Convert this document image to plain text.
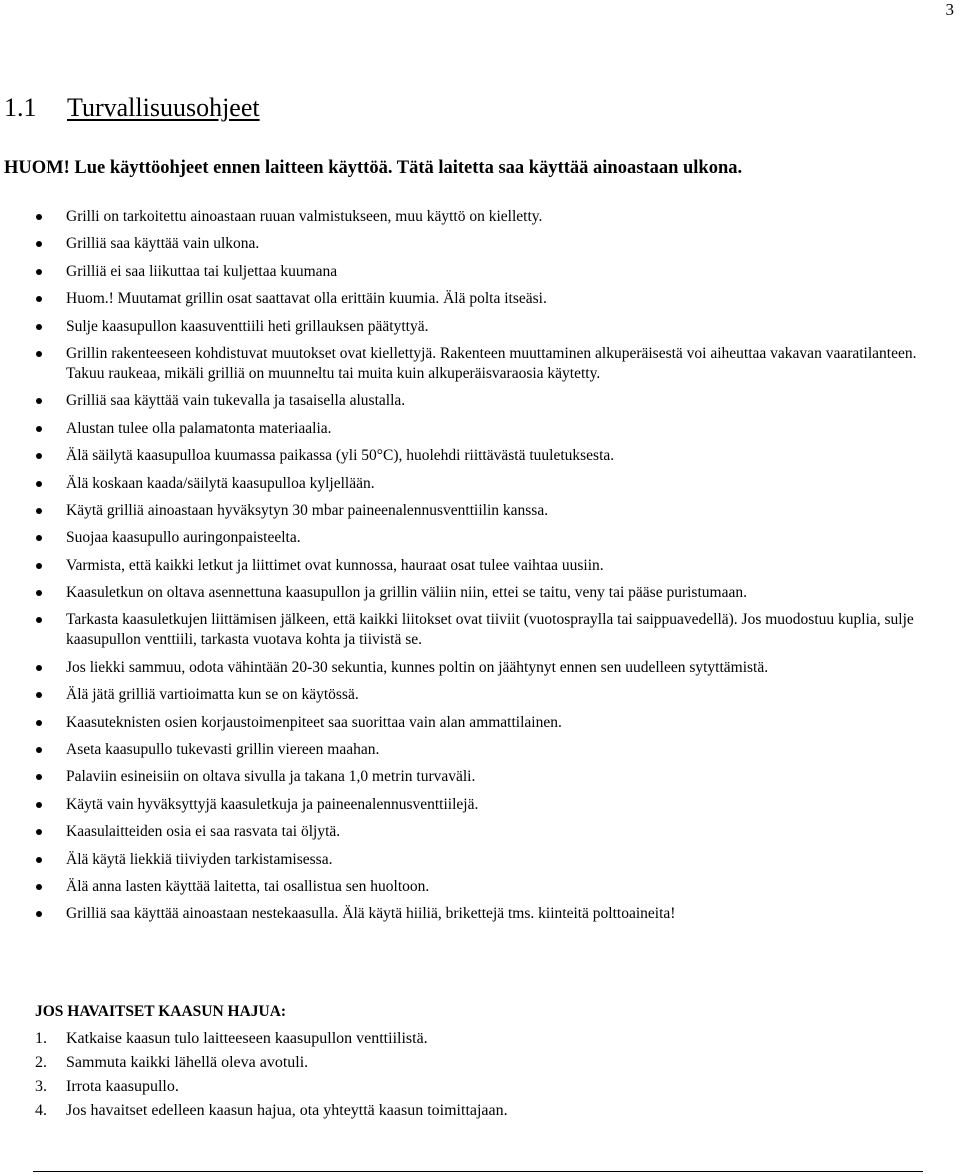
3
1.1 Turvallisuusohjeet
HUOM! Lue käyttöohjeet ennen laitteen käyttöä. Tätä laitetta saa käyttää ainoastaan ulkona.
Grilli on tarkoitettu ainoastaan ruuan valmistukseen, muu käyttö on kielletty.
Grilliä saa käyttää vain ulkona.
Grilliä ei saa liikuttaa tai kuljettaa kuumana
Huom.! Muutamat grillin osat saattavat olla erittäin kuumia. Älä polta itseäsi.
Sulje kaasupullon kaasuventtiili heti grillauksen päätyttyä.
Grillin rakenteeseen kohdistuvat muutokset ovat kiellettyjä. Rakenteen muuttaminen alkuperäisestä voi aiheuttaa vakavan vaaratilanteen. Takuu raukeaa, mikäli grilliä on muunneltu tai muita kuin alkuperäisvaraosia käytetty.
Grilliä saa käyttää vain tukevalla ja tasaisella alustalla.
Alustan tulee olla palamatonta materiaalia.
Älä säilytä kaasupulloa kuumassa paikassa (yli 50°C), huolehdi riittävästä tuuletuksesta.
Älä koskaan kaada/säilytä kaasupulloa kyljellään.
Käytä grilliä ainoastaan hyväksytyn 30 mbar paineenalennusventtiilin kanssa.
Suojaa kaasupullo auringonpaisteelta.
Varmista, että kaikki letkut ja liittimet ovat kunnossa, hauraat osat tulee vaihtaa uusiin.
Kaasuletkun on oltava asennettuna kaasupullon ja grillin väliin niin, ettei se taitu, veny tai pääse puristumaan.
Tarkasta kaasuletkujen liittämisen jälkeen, että kaikki liitokset ovat tiiviit (vuotospraylla tai saippuavedellä). Jos muodostuu kuplia, sulje kaasupullon venttiili, tarkasta vuotava kohta ja tiivistä se.
Jos liekki sammuu, odota vähintään 20-30 sekuntia, kunnes poltin on jäähtynyt ennen sen uudelleen sytyttämistä.
Älä jätä grilliä vartioimatta kun se on käytössä.
Kaasuteknisten osien korjaustoimenpiteet saa suorittaa vain alan ammattilainen.
Aseta kaasupullo tukevasti grillin viereen maahan.
Palaviin esineisiin on oltava sivulla ja takana 1,0 metrin turvaväli.
Käytä vain hyväksyttyjä kaasuletkuja ja paineenalennusventtiilejä.
Kaasulaitteiden osia ei saa rasvata tai öljytä.
Älä käytä liekkiä tiiviyden tarkistamisessa.
Älä anna lasten käyttää laitetta, tai osallistua sen huoltoon.
Grilliä saa käyttää ainoastaan nestekaasulla. Älä käytä hiiliä, brikettejä tms. kiinteitä polttoaineita!
JOS HAVAITSET KAASUN HAJUA:
1. Katkaise kaasun tulo laitteeseen kaasupullon venttiilistä.
2. Sammuta kaikki lähellä oleva avotuli.
3. Irrota kaasupullo.
4. Jos havaitset edelleen kaasun hajua, ota yhteyttä kaasun toimittajaan.
